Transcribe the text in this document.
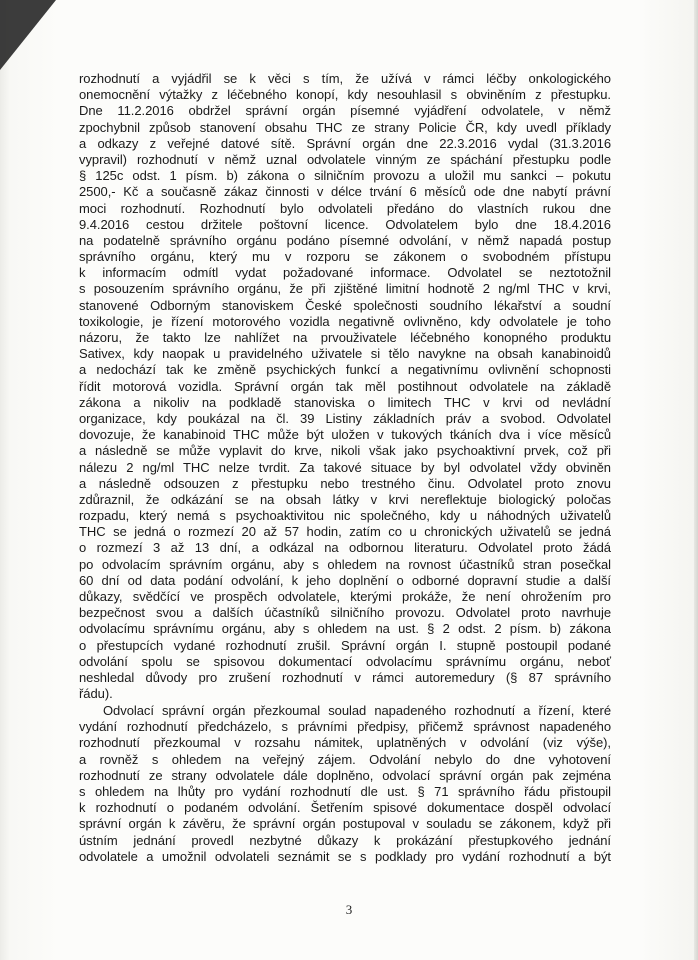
rozhodnutí a vyjádřil se k věci s tím, že užívá v rámci léčby onkologického
onemocnění výtažky z léčebného konopí, kdy nesouhlasil s obviněním z přestupku.
Dne 11.2.2016 obdržel správní orgán písemné vyjádření odvolatele, v němž
zpochybnil způsob stanovení obsahu THC ze strany Policie ČR, kdy uvedl příklady
a odkazy z veřejné datové sítě. Správní orgán dne 22.3.2016 vydal (31.3.2016
vypravil) rozhodnutí v němž uznal odvolatele vinným ze spáchání přestupku podle
§ 125c odst. 1 písm. b) zákona o silničním provozu a uložil mu sankci – pokutu
2500,- Kč a současně zákaz činnosti v délce trvání 6 měsíců ode dne nabytí právní
moci rozhodnutí. Rozhodnutí bylo odvolateli předáno do vlastních rukou dne
9.4.2016 cestou držitele poštovní licence. Odvolatelem bylo dne 18.4.2016
na podatelně správního orgánu podáno písemné odvolání, v němž napadá postup
správního orgánu, který mu v rozporu se zákonem o svobodném přístupu
k informacím odmítl vydat požadované informace. Odvolatel se neztotožnil
s posouzením správního orgánu, že při zjištěné limitní hodnotě 2 ng/ml THC v krvi,
stanovené Odborným stanoviskem České společnosti soudního lékařství a soudní
toxikologie, je řízení motorového vozidla negativně ovlivněno, kdy odvolatele je toho
názoru, že takto lze nahlížet na prvouživatele léčebného konopného produktu
Sativex, kdy naopak u pravidelného uživatele si tělo navykne na obsah kanabinoidů
a nedochází tak ke změně psychických funkcí a negativnímu ovlivnění schopnosti
řídit motorová vozidla. Správní orgán tak měl postihnout odvolatele na základě
zákona a nikoliv na podkladě stanoviska o limitech THC v krvi od nevládní
organizace, kdy poukázal na čl. 39 Listiny základních práv a svobod. Odvolatel
dovozuje, že kanabinoid THC může být uložen v tukových tkáních dva i více měsíců
a následně se může vyplavit do krve, nikoli však jako psychoaktivní prvek, což při
nálezu 2 ng/ml THC nelze tvrdit. Za takové situace by byl odvolatel vždy obviněn
a následně odsouzen z přestupku nebo trestného činu. Odvolatel proto znovu
zdůraznil, že odkázání se na obsah látky v krvi nereflektuje biologický poločas
rozpadu, který nemá s psychoaktivitou nic společného, kdy u náhodných uživatelů
THC se jedná o rozmezí 20 až 57 hodin, zatím co u chronických uživatelů se jedná
o rozmezí 3 až 13 dní, a odkázal na odbornou literaturu. Odvolatel proto žádá
po odvolacím správním orgánu, aby s ohledem na rovnost účastníků stran posečkal
60 dní od data podání odvolání, k jeho doplnění o odborné dopravní studie a další
důkazy, svědčící ve prospěch odvolatele, kterými prokáže, že není ohrožením pro
bezpečnost svou a dalších účastníků silničního provozu. Odvolatel proto navrhuje
odvolacímu správnímu orgánu, aby s ohledem na ust. § 2 odst. 2 písm. b) zákona
o přestupcích vydané rozhodnutí zrušil. Správní orgán I. stupně postoupil podané
odvolání spolu se spisovou dokumentací odvolacímu správnímu orgánu, neboť
neshledal důvody pro zrušení rozhodnutí v rámci autoremedury (§ 87 správního
řádu).
Odvolací správní orgán přezkoumal soulad napadeného rozhodnutí a řízení, které
vydání rozhodnutí předcházelo, s právními předpisy, přičemž správnost napadeného
rozhodnutí přezkoumal v rozsahu námitek, uplatněných v odvolání (viz výše),
a rovněž s ohledem na veřejný zájem. Odvolání nebylo do dne vyhotovení
rozhodnutí ze strany odvolatele dále doplněno, odvolací správní orgán pak zejména
s ohledem na lhůty pro vydání rozhodnutí dle ust. § 71 správního řádu přistoupil
k rozhodnutí o podaném odvolání. Šetřením spisové dokumentace dospěl odvolací
správní orgán k závěru, že správní orgán postupoval v souladu se zákonem, když při
ústním jednání provedl nezbytné důkazy k prokázání přestupkového jednání
odvolatele a umožnil odvolateli seznámit se s podklady pro vydání rozhodnutí a být
3
